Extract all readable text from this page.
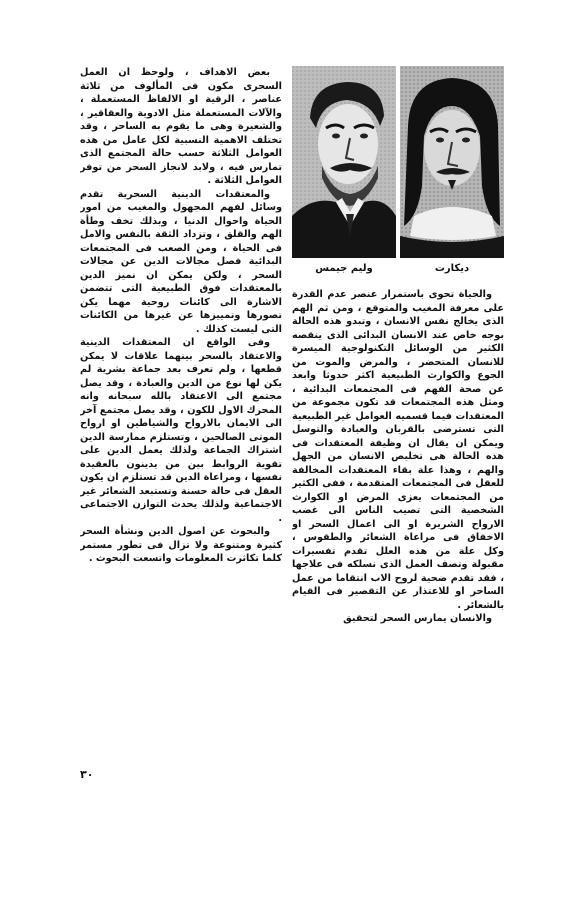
وليم جيمس	ديكارت

والحياة تحوى باستمرار عنصر عدم القدرة على معرفة المغيب والمتوقع ، ومن ثم الهم الذى يخالج نفس الانسان ، وتبدو هذه الحالة بوجه خاص عند الانسان البدائى الذى ينقصه الكثير من الوسائل التكنولوجية الميسرة للانسان المتحضر ، والمرض والموت من الجوع والكوارث الطبيعية اكثر حدوثا وابعد عن صحة الفهم فى المجتمعات البدائية ، ومثل هذه المجتمعات قد تكون مجموعة من المعتقدات فيما قسميه العوامل غير الطبيعية التى تسترضى بالقربان والعبادة والتوسل ويمكن ان يقال ان وظيفة المعتقدات فى هذه الحالة هى تخليص الانسان من الجهل والهم ، وهذا علة بقاء المعتقدات المخالفة للعقل فى المجتمعات المتقدمة ، ففى الكثير من المجتمعات يعزى المرض او الكوارث الشخصية التى تصيب الناس الى غضب الارواح الشريرة او الى اعمال السحر او الاخفاق فى مراعاة الشعائر والطقوس ، وكل علة من هذه العلل تقدم تفسيرات مقبولة وتصف العمل الذى نسلكه فى علاجها ، فقد تقدم ضحية لروح الاب انتقاما من عمل الساحر او للاعتذار عن التقصير فى القيام بالشعائر .

والانسان يمارس السحر لتحقيق

بعض الاهداف ، ولوحظ ان العمل السحرى مكون فى المألوف من ثلاثة عناصر ، الرقية او الالفاظ المستعملة ، والآلات المستعملة مثل الادوية والعقاقير ، والشعيرة وهى ما يقوم به الساحر ، وقد تختلف الاهمية النسبية لكل عامل من هذه العوامل الثلاثة حسب حالة المجتمع الذى تمارس فيه ، ولابد لانجاز السحر من توفر العوامل الثلاثة .

والمعتقدات الدينية السحرية تقدم وسائل لفهم المجهول والمغيب من امور الحياة واحوال الدنيا ، وبذلك تخف وطأة الهم والقلق ، وتزداد الثقة بالنفس والامل فى الحياة ، ومن الصعب فى المجتمعات البدائية فصل مجالات الدين عن مجالات السحر ، ولكن يمكن ان نميز الدين بالمعتقدات فوق الطبيعية التى تتضمن الاشارة الى كائنات روحية مهما يكن تصورها وتمييزها عن غيرها من الكائنات التى ليست كذلك .

وفى الواقع ان المعتقدات الدينية والاعتقاد بالسحر بينهما علاقات لا يمكن قطعها ، ولم تعرف بعد جماعة بشرية لم يكن لها نوع من الدين والعبادة ، وقد يصل مجتمع الى الاعتقاد بالله سبحانه وانه المحرك الاول للكون ، وقد يصل مجتمع آخر الى الايمان بالارواح والشياطين او ارواح الموتى الصالحين ، وتستلزم ممارسة الدين اشتراك الجماعة ولذلك يعمل الدين على تقوية الروابط بين من يدينون بالعقيدة نفسها ، ومراعاة الدين قد تستلزم ان يكون العقل فى حالة حسنة وتستبعد الشعائر غير الاجتماعية ولذلك يحدث التوازن الاجتماعى .

والبحوث عن اصول الدين ونشأة السحر كثيرة ومتنوعة ولا تزال فى تطور مستمر كلما تكاثرت المعلومات واتسعت البحوث .

٣٠
